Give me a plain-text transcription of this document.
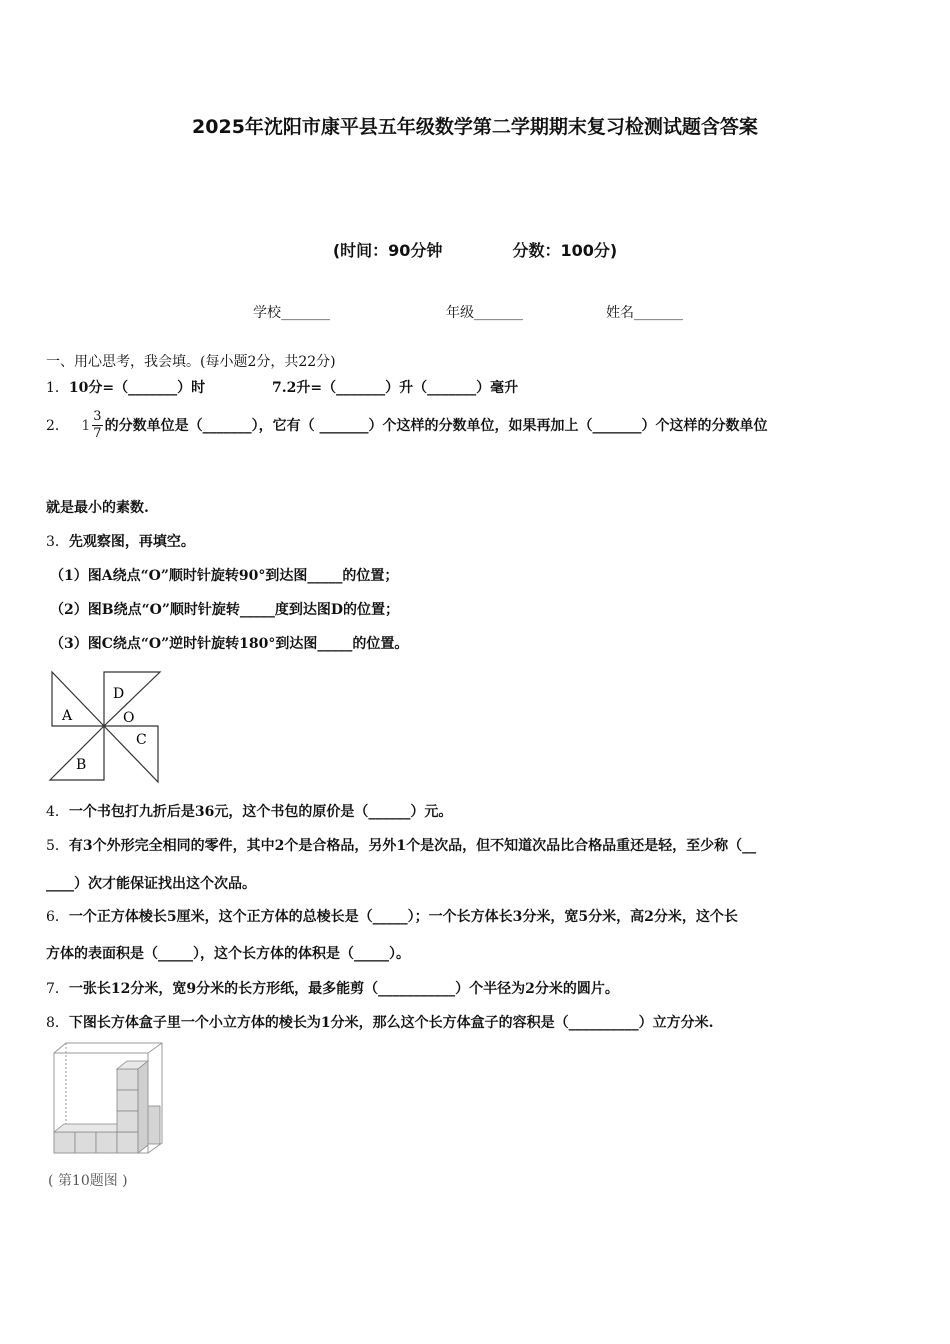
2025年沈阳市康平县五年级数学第二学期期末复习检测试题含答案
(时间：90分钟	分数：100分)
学校_______	年级_______	姓名_______
一、用心思考，我会填。(每小题2分，共22分)
1．10分=（_______）时	7.2升=（_______）升（_______）毫升
2． $1 \frac{3}{7}$ 的分数单位是（_______），它有（ _______）个这样的分数单位，如果再加上（_______）个这样的分数单位
就是最小的素数.
3．先观察图，再填空。
（1）图A绕点“O”顺时针旋转90°到达图_____的位置；
（2）图B绕点“O”顺时针旋转_____度到达图D的位置；
（3）图C绕点“O”逆时针旋转180°到达图_____的位置。
A
D
O
C
B
4．一个书包打九折后是36元，这个书包的原价是（______）元。
5．有3个外形完全相同的零件，其中2个是合格品，另外1个是次品，但不知道次品比合格品重还是轻，至少称（__
____）次才能保证找出这个次品。
6．一个正方体棱长5厘米，这个正方体的总棱长是（_____）；一个长方体长3分米，宽5分米，高2分米，这个长
方体的表面积是（_____），这个长方体的体积是（_____）。
7．一张长12分米，宽9分米的长方形纸，最多能剪（___________）个半径为2分米的圆片。
8．下图长方体盒子里一个小立方体的棱长为1分米，那么这个长方体盒子的容积是（__________）立方分米.
( 第10题图 )
